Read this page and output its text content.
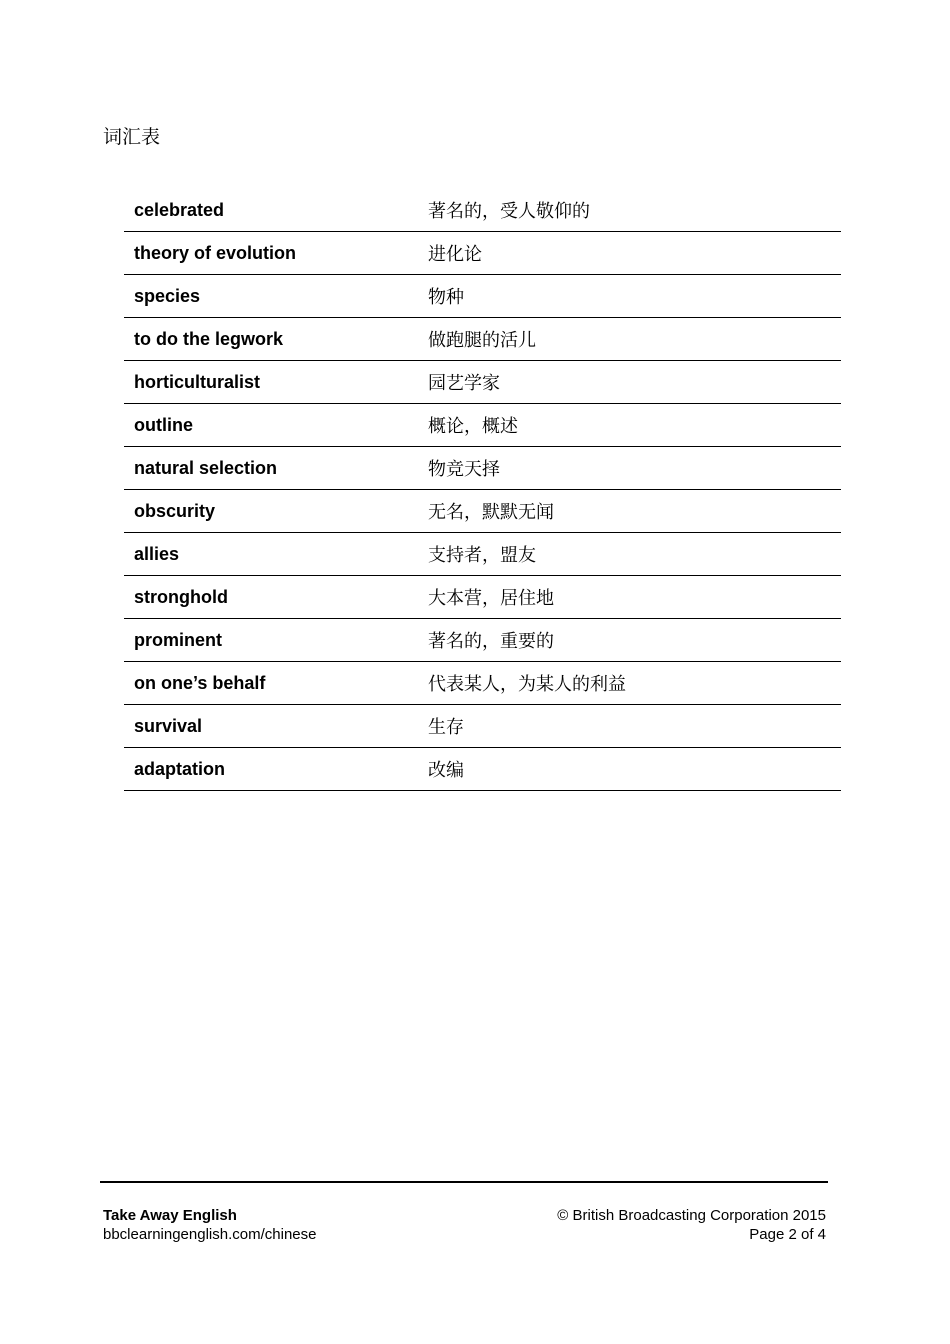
词汇表
celebrated	著名的，受人敬仰的
theory of evolution	进化论
species	物种
to do the legwork	做跑腿的活儿
horticulturalist	园艺学家
outline	概论，概述
natural selection	物竞天择
obscurity	无名，默默无闻
allies	支持者，盟友
stronghold	大本营，居住地
prominent	著名的，重要的
on one’s behalf	代表某人，为某人的利益
survival	生存
adaptation	改编
Take Away English
bbclearningenglish.com/chinese
© British Broadcasting Corporation 2015
Page 2 of 4
